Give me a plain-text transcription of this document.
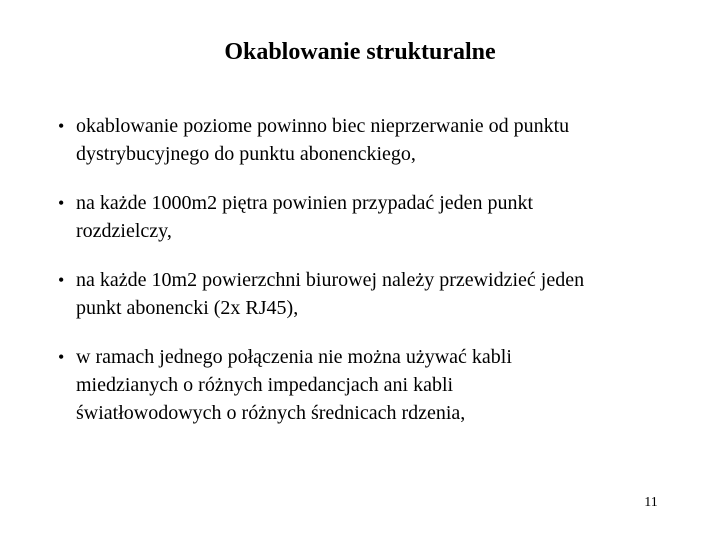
Okablowanie strukturalne
• okablowanie poziome powinno biec nieprzerwanie od punktu
dystrybucyjnego do punktu abonenckiego,
• na każde 1000m2 piętra powinien przypadać jeden punkt
rozdzielczy,
• na każde 10m2 powierzchni biurowej należy przewidzieć jeden
punkt abonencki (2x RJ45),
• w ramach jednego połączenia nie można używać kabli
miedzianych o różnych impedancjach ani kabli
światłowodowych o różnych średnicach rdzenia,
11
